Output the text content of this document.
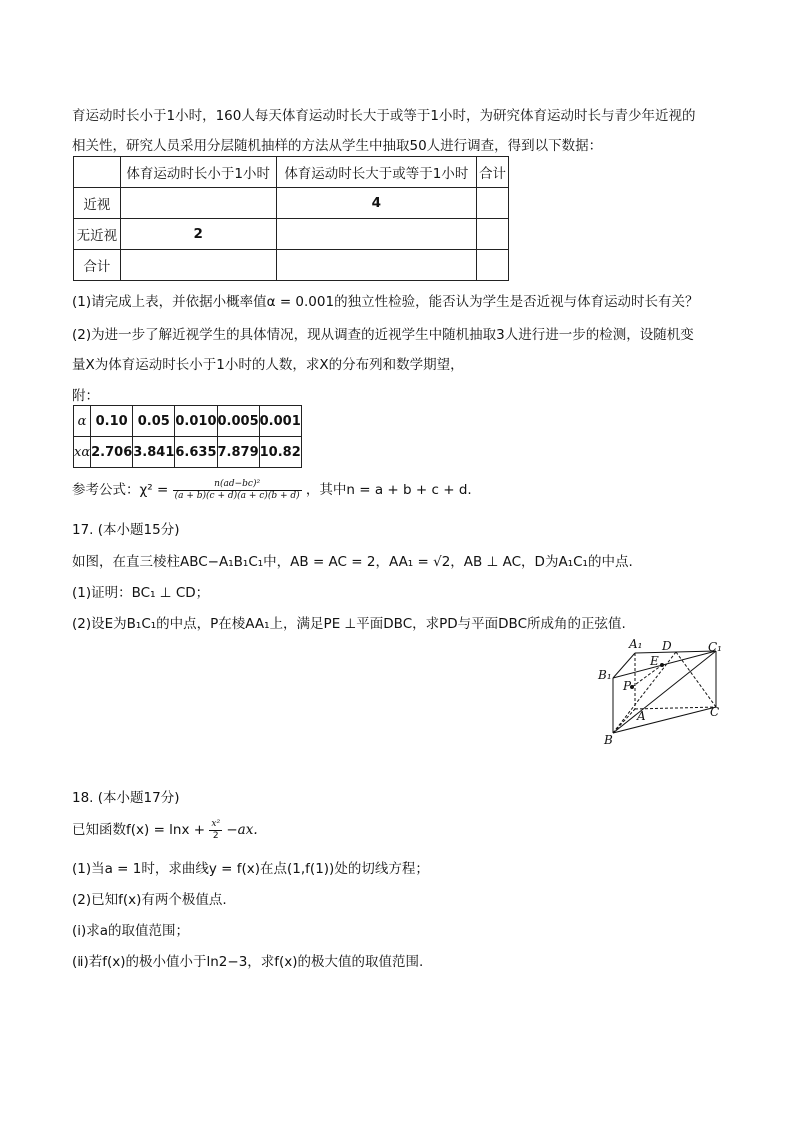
育运动时长小于1小时，160人每天体育运动时长大于或等于1小时，为研究体育运动时长与青少年近视的
相关性，研究人员采用分层随机抽样的方法从学生中抽取50人进行调查，得到以下数据：
	体育运动时长小于1小时	体育运动时长大于或等于1小时	合计
近视		4	
无近视	2		
合计			
(1)请完成上表，并依据小概率值α = 0.001的独立性检验，能否认为学生是否近视与体育运动时长有关？
(2)为进一步了解近视学生的具体情况，现从调查的近视学生中随机抽取3人进行进一步的检测，设随机变
量X为体育运动时长小于1小时的人数，求X的分布列和数学期望，
附：
α	0.10	0.05	0.010	0.005	0.001
xα	2.706	3.841	6.635	7.879	10.82
参考公式：$\chi^2 = \frac{\text{n(ad−bc)²}}{(a + b)(c + d)(a + c)(b + d)}$ ，其中n = a + b + c + d.
17. (本小题15分)
如图，在直三棱柱ABC−A₁B₁C₁中，AB = AC = 2，AA₁ = √2，AB ⊥ AC，D为A₁C₁的中点.
(1)证明：BC₁ ⊥ CD；
(2)设E为B₁C₁的中点，P在棱AA₁上，满足PE ⊥平面DBC，求PD与平面DBC所成角的正弦值.
A₁ D	C₁
B₁
E
P
A	C
B
18. (本小题17分)
已知函数$f(x) = \ln x + \frac{\text{x²}}{2} -ax$.
(1)当a = 1时，求曲线y = f(x)在点(1,f(1))处的切线方程；
(2)已知f(x)有两个极值点.
(ⅰ)求a的取值范围；
(ⅱ)若f(x)的极小值小于ln2−3，求f(x)的极大值的取值范围.
